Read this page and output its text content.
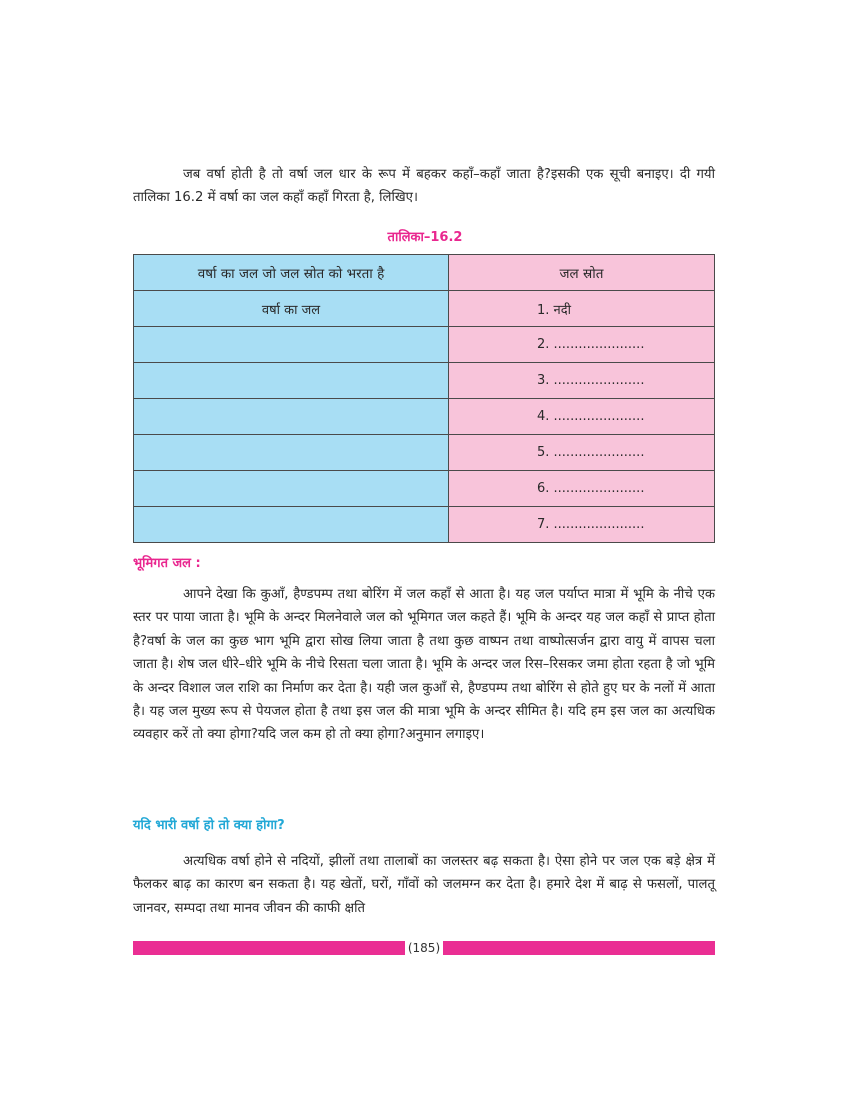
जब वर्षा होती है तो वर्षा जल धार के रूप में बहकर कहाँ–कहाँ जाता है?इसकी एक सूची बनाइए। दी गयी तालिका 16.2 में वर्षा का जल कहाँ कहाँ गिरता है, लिखिए।

तालिका–16.2

वर्षा का जल जो जल स्रोत को भरता है	जल स्रोत
वर्षा का जल	1. नदी
	2. ......................
	3. ......................
	4. ......................
	5. ......................
	6. ......................
	7. ......................

भूमिगत जल :

आपने देखा कि कुआँ, हैण्डपम्प तथा बोरिंग में जल कहाँ से आता है। यह जल पर्याप्त मात्रा में भूमि के नीचे एक स्तर पर पाया जाता है। भूमि के अन्दर मिलनेवाले जल को भूमिगत जल कहते हैं। भूमि के अन्दर यह जल कहाँ से प्राप्त होता है?वर्षा के जल का कुछ भाग भूमि द्वारा सोख लिया जाता है तथा कुछ वाष्पन तथा वाष्पोत्सर्जन द्वारा वायु में वापस चला जाता है। शेष जल धीरे–धीरे भूमि के नीचे रिसता चला जाता है। भूमि के अन्दर जल रिस–रिसकर जमा होता रहता है जो भूमि के अन्दर विशाल जल राशि का निर्माण कर देता है। यही जल कुआँ से, हैण्डपम्प तथा बोरिंग से होते हुए घर के नलों में आता है। यह जल मुख्य रूप से पेयजल होता है तथा इस जल की मात्रा भूमि के अन्दर सीमित है। यदि हम इस जल का अत्यधिक व्यवहार करें तो क्या होगा?यदि जल कम हो तो क्या होगा?अनुमान लगाइए।

यदि भारी वर्षा हो तो क्या होगा?

अत्यधिक वर्षा होने से नदियों, झीलों तथा तालाबों का जलस्तर बढ़ सकता है। ऐसा होने पर जल एक बड़े क्षेत्र में फैलकर बाढ़ का कारण बन सकता है। यह खेतों, घरों, गाँवों को जलमग्न कर देता है। हमारे देश में बाढ़ से फसलों, पालतू जानवर, सम्पदा तथा मानव जीवन की काफी क्षति

(185)
